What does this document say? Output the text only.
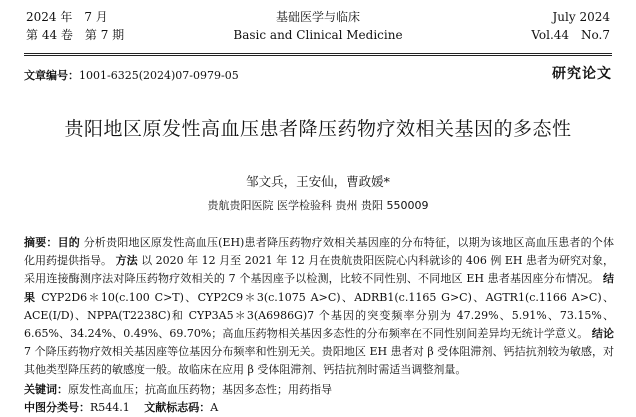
2024 年　7 月
第 44 卷　第 7 期
基础医学与临床
Basic and Clinical Medicine
July 2024
Vol.44　No.7
文章编号：1001-6325(2024)07-0979-05	研究论文
贵阳地区原发性高血压患者降压药物疗效相关基因的多态性
邹文兵，王安仙，曹政媛*
贵航贵阳医院 医学检验科 贵州 贵阳 550009
摘要：目的 分析贵阳地区原发性高血压(EH)患者降压药物疗效相关基因座的分布特征，以期为该地区高血压患者的个体化用药提供指导。 方法 以 2020 年 12 月至 2021 年 12 月在贵航贵阳医院心内科就诊的 406 例 EH 患者为研究对象，采用连接酶测序法对降压药物疗效相关的 7 个基因座予以检测，比较不同性别、不同地区 EH 患者基因座分布情况。 结果 CYP2D6＊10(c.100 C>T)、CYP2C9＊3(c.1075 A>C)、ADRB1(c.1165 G>C)、AGTR1(c.1166 A>C)、ACE(I/D)、NPPA(T2238C)和 CYP3A5＊3(A6986G)7 个基因的突变频率分别为 47.29%、5.91%、73.15%、6.65%、34.24%、0.49%、69.70%；高血压药物相关基因多态性的分布频率在不同性别间差异均无统计学意义。 结论 7 个降压药物疗效相关基因座等位基因分布频率和性别无关。贵阳地区 EH 患者对 β 受体阻滞剂、钙拮抗剂较为敏感，对其他类型降压药的敏感度一般。故临床在应用 β 受体阻滞剂、钙拮抗剂时需适当调整剂量。
关键词：原发性高血压；抗高血压药物；基因多态性；用药指导
中图分类号：R544.1 　 文献标志码：A
